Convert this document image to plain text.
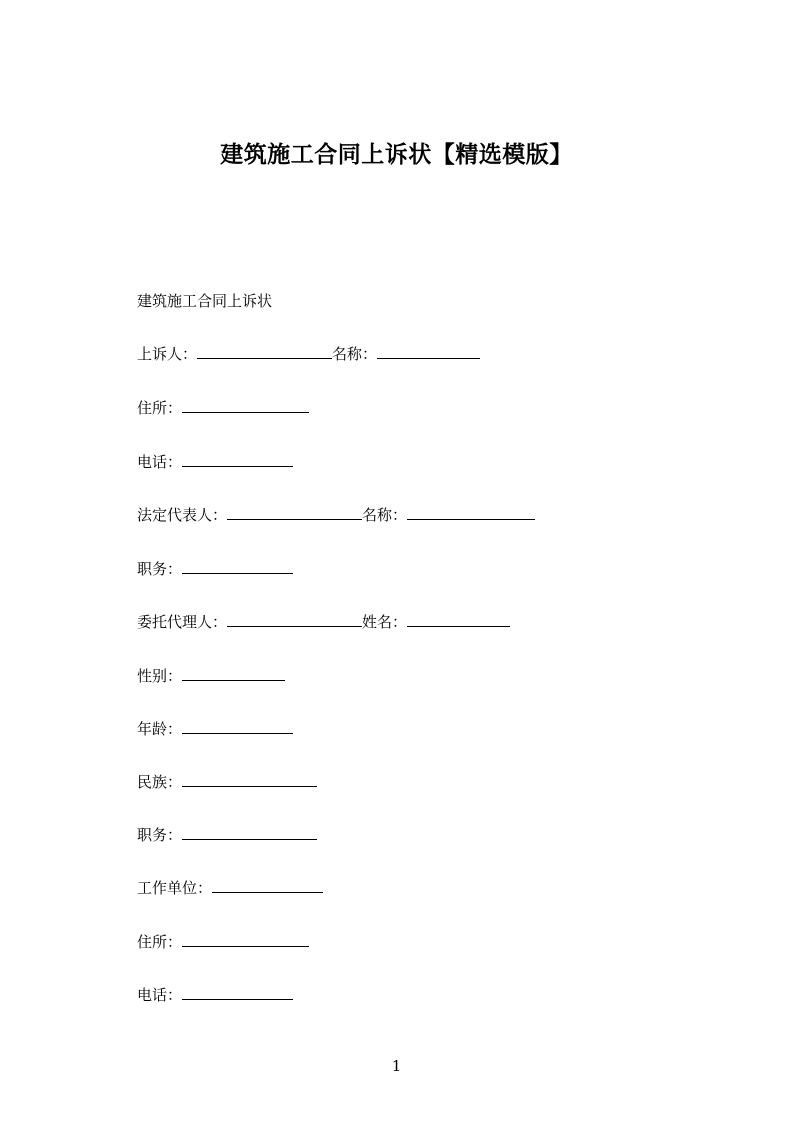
建筑施工合同上诉状【精选模版】

建筑施工合同上诉状

上诉人：	名称：
住所：
电话：
法定代表人：	名称：
职务：
委托代理人：	姓名：
性别：
年龄：
民族：
职务：
工作单位：
住所：
电话：
1
